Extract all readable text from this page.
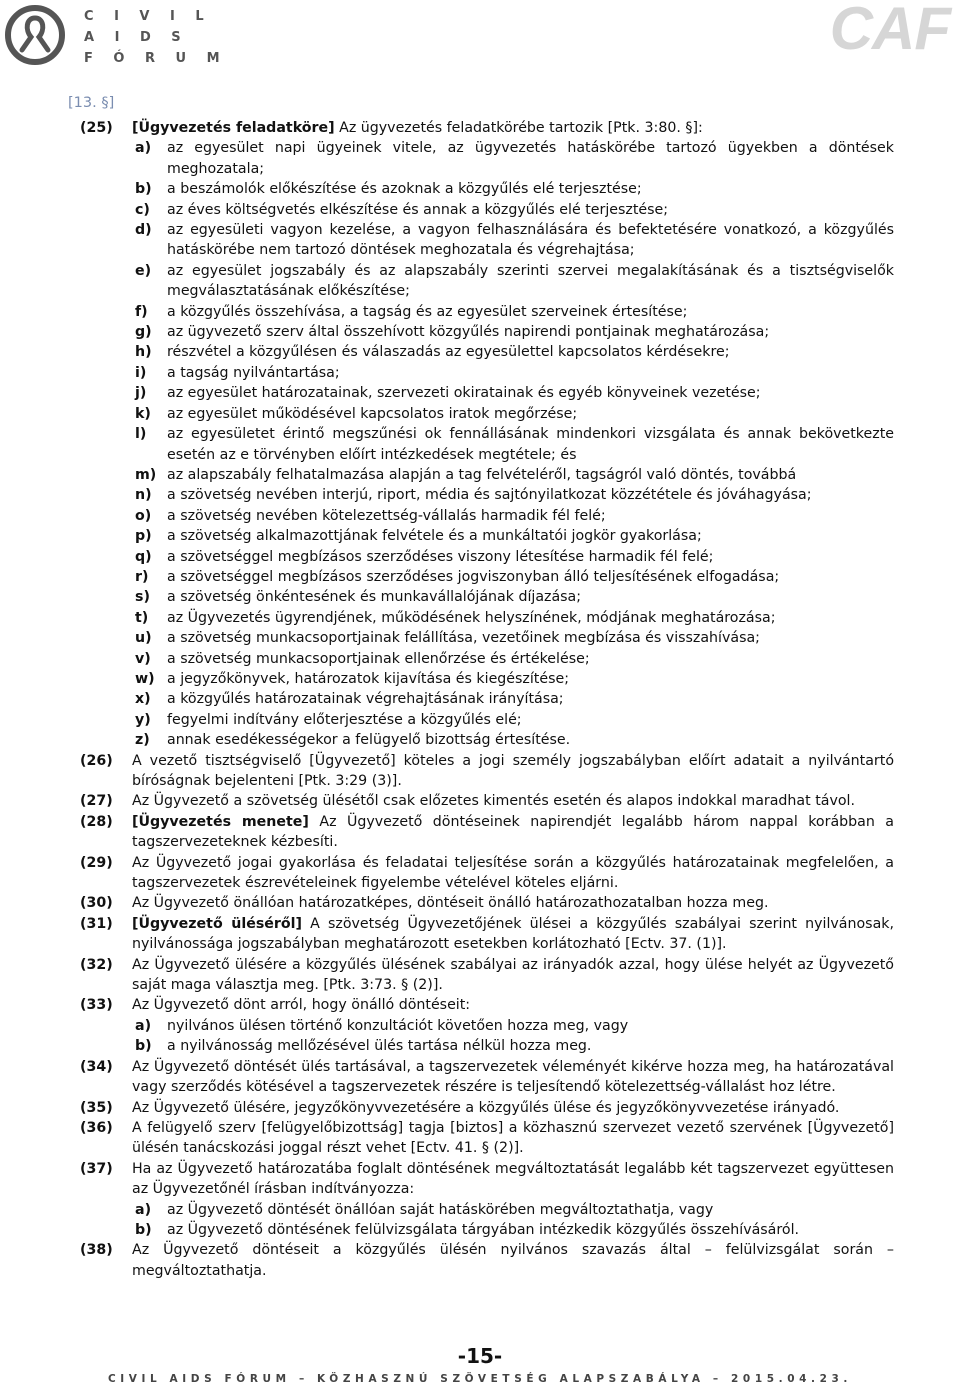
C I V I L
A I D S
F Ó R U M	CAF
[13. §]
(25)	[Ügyvezetés feladatköre] Az ügyvezetés feladatkörébe tartozik [Ptk. 3:80. §]:
a)	az egyesület napi ügyeinek vitele, az ügyvezetés hatáskörébe tartozó ügyekben a döntések meghozatala;
b)	a beszámolók előkészítése és azoknak a közgyűlés elé terjesztése;
c)	az éves költségvetés elkészítése és annak a közgyűlés elé terjesztése;
d)	az egyesületi vagyon kezelése, a vagyon felhasználására és befektetésére vonatkozó, a közgyűlés hatáskörébe nem tartozó döntések meghozatala és végrehajtása;
e)	az egyesület jogszabály és az alapszabály szerinti szervei megalakításának és a tisztségviselők megválasztatásának előkészítése;
f)	a közgyűlés összehívása, a tagság és az egyesület szerveinek értesítése;
g)	az ügyvezető szerv által összehívott közgyűlés napirendi pontjainak meghatározása;
h)	részvétel a közgyűlésen és válaszadás az egyesülettel kapcsolatos kérdésekre;
i)	a tagság nyilvántartása;
j)	az egyesület határozatainak, szervezeti okiratainak és egyéb könyveinek vezetése;
k)	az egyesület működésével kapcsolatos iratok megőrzése;
l)	az egyesületet érintő megszűnési ok fennállásának mindenkori vizsgálata és annak bekövetkezte esetén az e törvényben előírt intézkedések megtétele; és
m) az alapszabály felhatalmazása alapján a tag felvételéről, tagságról való döntés, továbbá
n)	a szövetség nevében interjú, riport, média és sajtónyilatkozat közzététele és jóváhagyása;
o)	a szövetség nevében kötelezettség-vállalás harmadik fél felé;
p)	a szövetség alkalmazottjának felvétele és a munkáltatói jogkör gyakorlása;
q)	a szövetséggel megbízásos szerződéses viszony létesítése harmadik fél felé;
r)	a szövetséggel megbízásos szerződéses jogviszonyban álló teljesítésének elfogadása;
s)	a szövetség önkéntesének és munkavállalójának díjazása;
t)	az Ügyvezetés ügyrendjének, működésének helyszínének, módjának meghatározása;
u)	a szövetség munkacsoportjainak felállítása, vezetőinek megbízása és visszahívása;
v)	a szövetség munkacsoportjainak ellenőrzése és értékelése;
w) a jegyzőkönyvek, határozatok kijavítása és kiegészítése;
x)	a közgyűlés határozatainak végrehajtásának irányítása;
y)	fegyelmi indítvány előterjesztése a közgyűlés elé;
z)	annak esedékességekor a felügyelő bizottság értesítése.
(26)	A vezető tisztségviselő [Ügyvezető] köteles a jogi személy jogszabályban előírt adatait a nyilvántartó bíróságnak bejelenteni [Ptk. 3:29 (3)].
(27)	Az Ügyvezető a szövetség ülésétől csak előzetes kimentés esetén és alapos indokkal maradhat távol.
(28)	[Ügyvezetés menete] Az Ügyvezető döntéseinek napirendjét legalább három nappal korábban a tagszervezeteknek kézbesíti.
(29)	Az Ügyvezető jogai gyakorlása és feladatai teljesítése során a közgyűlés határozatainak megfelelően, a tagszervezetek észrevételeinek figyelembe vételével köteles eljárni.
(30)	Az Ügyvezető önállóan határozatképes, döntéseit önálló határozathozatalban hozza meg.
(31)	[Ügyvezető üléséről] A szövetség Ügyvezetőjének ülései a közgyűlés szabályai szerint nyilvánosak, nyilvánossága jogszabályban meghatározott esetekben korlátozható [Ectv. 37. (1)].
(32)	Az Ügyvezető ülésére a közgyűlés ülésének szabályai az irányadók azzal, hogy ülése helyét az Ügyvezető saját maga választja meg. [Ptk. 3:73. § (2)].
(33)	Az Ügyvezető dönt arról, hogy önálló döntéseit:
a)	nyilvános ülésen történő konzultációt követően hozza meg, vagy
b)	a nyilvánosság mellőzésével ülés tartása nélkül hozza meg.
(34)	Az Ügyvezető döntését ülés tartásával, a tagszervezetek véleményét kikérve hozza meg, ha határozatával vagy szerződés kötésével a tagszervezetek részére is teljesítendő kötelezettség-vállalást hoz létre.
(35)	Az Ügyvezető ülésére, jegyzőkönyvvezetésére a közgyűlés ülése és jegyzőkönyvvezetése irányadó.
(36)	A felügyelő szerv [felügyelőbizottság] tagja [biztos] a közhasznú szervezet vezető szervének [Ügyvezető] ülésén tanácskozási joggal részt vehet [Ectv. 41. § (2)].
(37)	Ha az Ügyvezető határozatába foglalt döntésének megváltoztatását legalább két tagszervezet együttesen az Ügyvezetőnél írásban indítványozza:
a)	az Ügyvezető döntését önállóan saját hatáskörében megváltoztathatja, vagy
b)	az Ügyvezető döntésének felülvizsgálata tárgyában intézkedik közgyűlés összehívásáról.
(38)	Az Ügyvezető döntéseit a közgyűlés ülésén nyilvános szavazás által – felülvizsgálat során – megváltoztathatja.
-15-
CIVIL AIDS FÓRUM – KÖZHASZNÚ SZÖVETSÉG ALAPSZABÁLYA – 2015.04.23.
